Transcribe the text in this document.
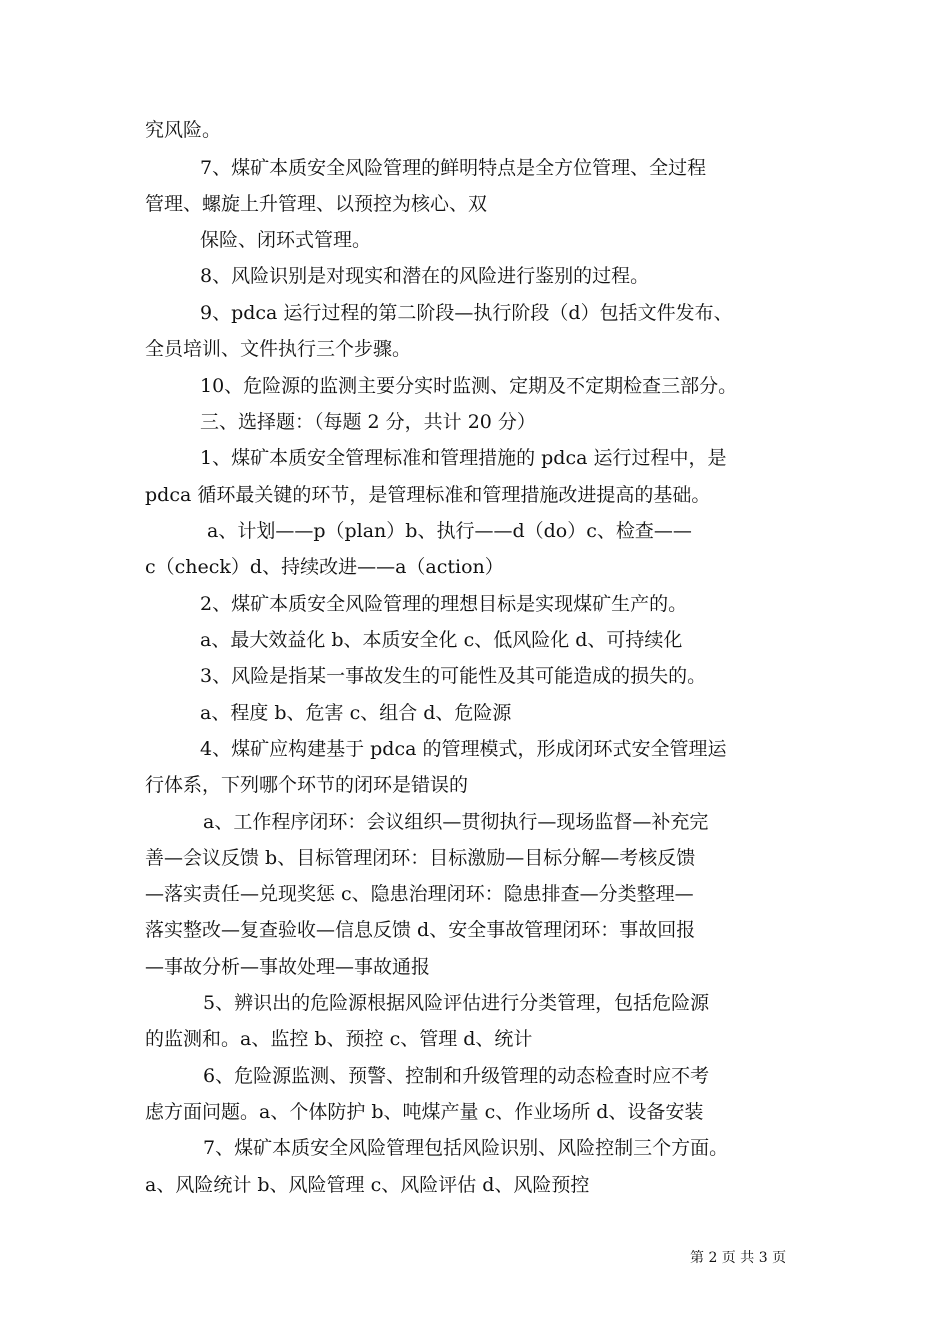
究风险。
7、煤矿本质安全风险管理的鲜明特点是全方位管理、全过程
管理、螺旋上升管理、以预控为核心、双
保险、闭环式管理。
8、风险识别是对现实和潜在的风险进行鉴别的过程。
9、pdca 运行过程的第二阶段—执行阶段（d）包括文件发布、
全员培训、文件执行三个步骤。
10、危险源的监测主要分实时监测、定期及不定期检查三部分。
三、选择题：（每题 2 分，共计 20 分）
1、煤矿本质安全管理标准和管理措施的 pdca 运行过程中，是
pdca 循环最关键的环节，是管理标准和管理措施改进提高的基础。
a、计划——p（plan）b、执行——d（do）c、检查——
c（check）d、持续改进——a（action）
2、煤矿本质安全风险管理的理想目标是实现煤矿生产的。
a、最大效益化 b、本质安全化 c、低风险化 d、可持续化
3、风险是指某一事故发生的可能性及其可能造成的损失的。
a、程度 b、危害 c、组合 d、危险源
4、煤矿应构建基于 pdca 的管理模式，形成闭环式安全管理运
行体系，下列哪个环节的闭环是错误的
a、工作程序闭环：会议组织—贯彻执行—现场监督—补充完
善—会议反馈 b、目标管理闭环：目标激励—目标分解—考核反馈
—落实责任—兑现奖惩 c、隐患治理闭环：隐患排查—分类整理—
落实整改—复查验收—信息反馈 d、安全事故管理闭环：事故回报
—事故分析—事故处理—事故通报
5、辨识出的危险源根据风险评估进行分类管理，包括危险源
的监测和。a、监控 b、预控 c、管理 d、统计
6、危险源监测、预警、控制和升级管理的动态检查时应不考
虑方面问题。a、个体防护 b、吨煤产量 c、作业场所 d、设备安装
7、煤矿本质安全风险管理包括风险识别、风险控制三个方面。
a、风险统计 b、风险管理 c、风险评估 d、风险预控
第 2 页 共 3 页
